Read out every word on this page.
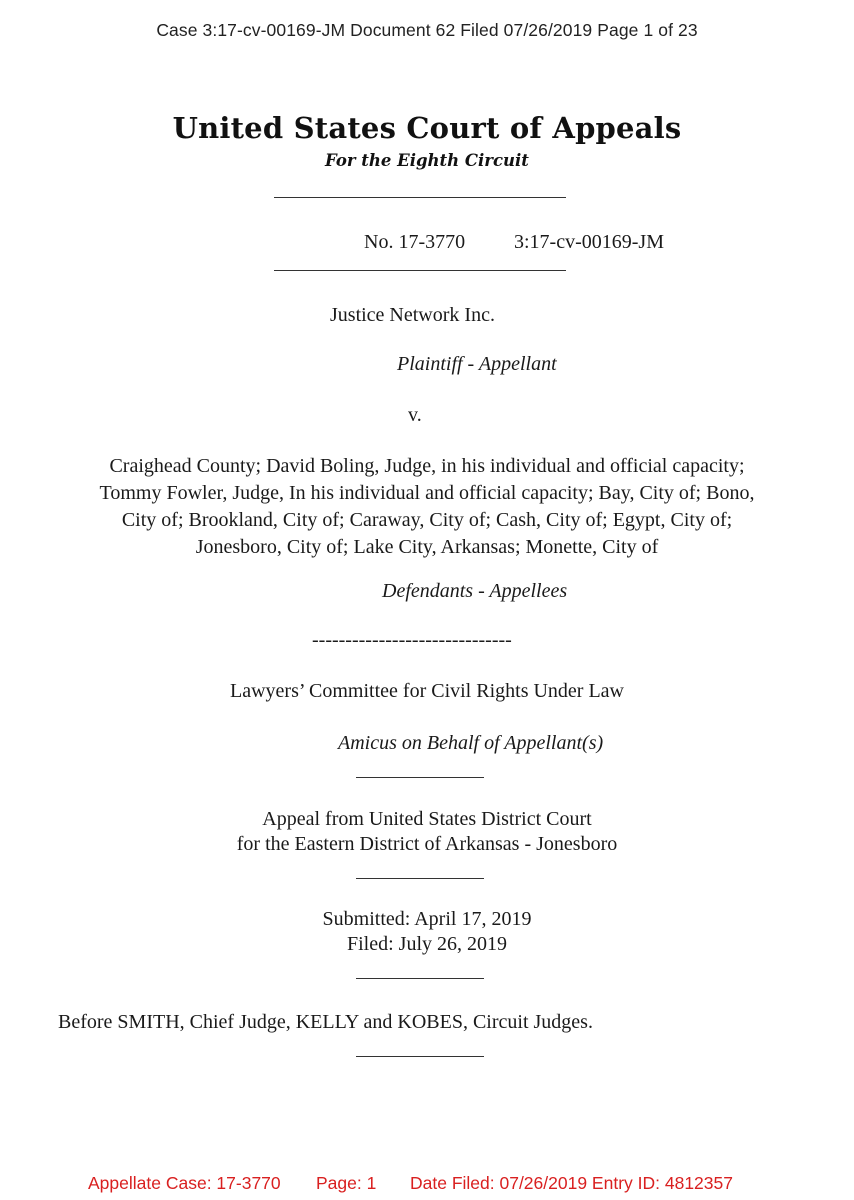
Case 3:17-cv-00169-JM Document 62 Filed 07/26/2019 Page 1 of 23
United States Court of Appeals
For the Eighth Circuit
No. 17-3770 3:17-cv-00169-JM
Justice Network Inc.
Plaintiff - Appellant
v.
Craighead County; David Boling, Judge, in his individual and official capacity;
Tommy Fowler, Judge, In his individual and official capacity; Bay, City of; Bono,
City of; Brookland, City of; Caraway, City of; Cash, City of; Egypt, City of;
Jonesboro, City of; Lake City, Arkansas; Monette, City of
Defendants - Appellees
------------------------------
Lawyers’ Committee for Civil Rights Under Law
Amicus on Behalf of Appellant(s)
Appeal from United States District Court
for the Eastern District of Arkansas - Jonesboro
Submitted: April 17, 2019
Filed: July 26, 2019
Before SMITH, Chief Judge, KELLY and KOBES, Circuit Judges.
Appellate Case: 17-3770 Page: 1 Date Filed: 07/26/2019 Entry ID: 4812357
